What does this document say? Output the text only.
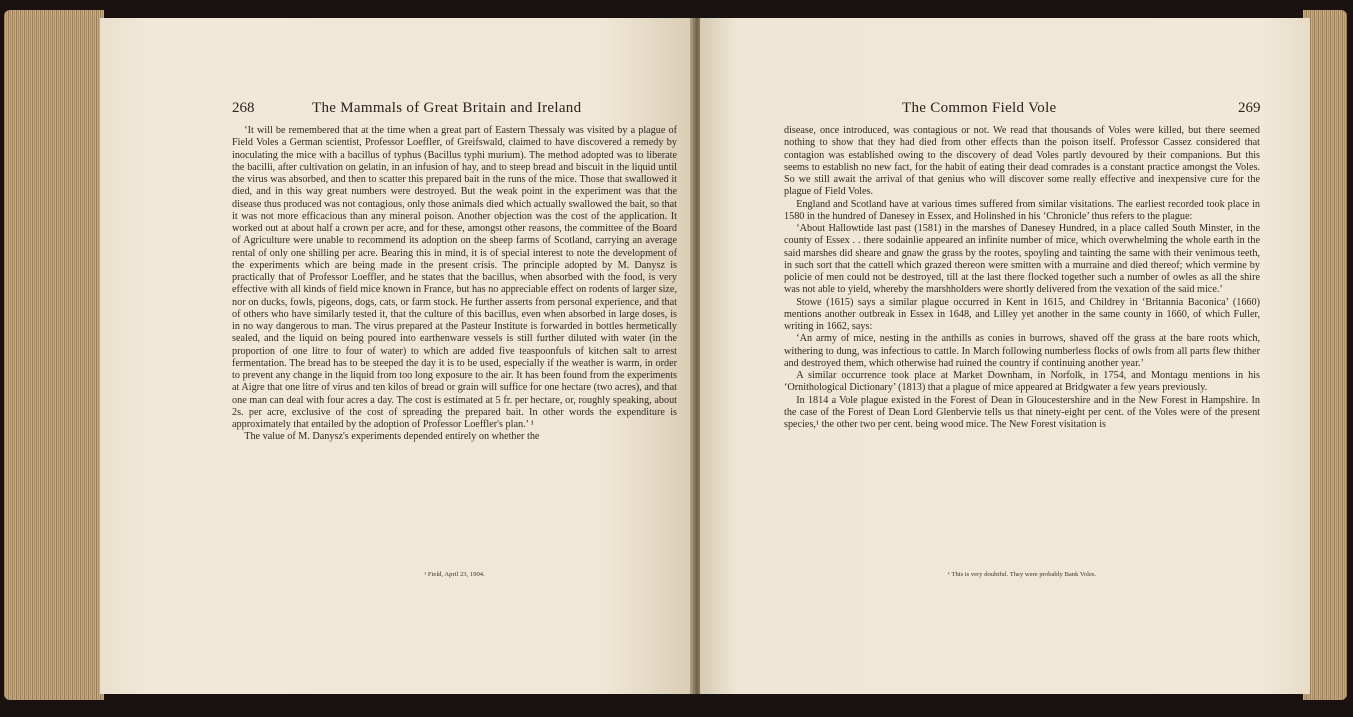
268	The Mammals of Great Britain and Ireland

‘It will be remembered that at the time when a great part of Eastern Thessaly was visited by a plague of Field Voles a German scientist, Professor Loeffler, of Greifswald, claimed to have discovered a remedy by inoculating the mice with a bacillus of typhus (Bacillus typhi murium). The method adopted was to liberate the bacilli, after cultivation on gelatin, in an infusion of hay, and to steep bread and biscuit in the liquid until the virus was absorbed, and then to scatter this prepared bait in the runs of the mice. Those that swallowed it died, and in this way great numbers were destroyed. But the weak point in the experiment was that the disease thus produced was not contagious, only those animals died which actually swallowed the bait, so that it was not more efficacious than any mineral poison. Another objection was the cost of the application. It worked out at about half a crown per acre, and for these, amongst other reasons, the committee of the Board of Agriculture were unable to recommend its adoption on the sheep farms of Scotland, carrying an average rental of only one shilling per acre. Bearing this in mind, it is of special interest to note the development of the experiments which are being made in the present crisis. The principle adopted by M. Danysz is practically that of Professor Loeffler, and he states that the bacillus, when absorbed with the food, is very effective with all kinds of field mice known in France, but has no appreciable effect on rodents of larger size, nor on ducks, fowls, pigeons, dogs, cats, or farm stock. He further asserts from personal experience, and that of others who have similarly tested it, that the culture of this bacillus, even when absorbed in large doses, is in no way dangerous to man. The virus prepared at the Pasteur Institute is forwarded in bottles hermetically sealed, and the liquid on being poured into earthenware vessels is still further diluted with water (in the proportion of one litre to four of water) to which are added five teaspoonfuls of kitchen salt to arrest fermentation. The bread has to be steeped the day it is to be used, especially if the weather is warm, in order to prevent any change in the liquid from too long exposure to the air. It has been found from the experiments at Aigre that one litre of virus and ten kilos of bread or grain will suffice for one hectare (two acres), and that one man can deal with four acres a day. The cost is estimated at 5 fr. per hectare, or, roughly speaking, about 2s. per acre, exclusive of the cost of spreading the prepared bait. In other words the expenditure is approximately that entailed by the adoption of Professor Loeffler's plan.’ ¹

The value of M. Danysz's experiments depended entirely on whether the

¹ Field, April 23, 1904.
The Common Field Vole	269

disease, once introduced, was contagious or not. We read that thousands of Voles were killed, but there seemed nothing to show that they had died from other effects than the poison itself. Professor Cassez considered that contagion was established owing to the discovery of dead Voles partly devoured by their companions. But this seems to establish no new fact, for the habit of eating their dead comrades is a constant practice amongst the Voles. So we still await the arrival of that genius who will discover some really effective and inexpensive cure for the plague of Field Voles.

England and Scotland have at various times suffered from similar visitations. The earliest recorded took place in 1580 in the hundred of Danesey in Essex, and Holinshed in his ‘Chronicle’ thus refers to the plague:

‘About Hallowtide last past (1581) in the marshes of Danesey Hundred, in a place called South Minster, in the county of Essex . . there sodainlie appeared an infinite number of mice, which overwhelming the whole earth in the said marshes did sheare and gnaw the grass by the rootes, spoyling and tainting the same with their venimous teeth, in such sort that the cattell which grazed thereon were smitten with a murraine and died thereof; which vermine by policie of men could not be destroyed, till at the last there flocked together such a number of owles as all the shire was not able to yield, whereby the marshholders were shortly delivered from the vexation of the said mice.’

Stowe (1615) says a similar plague occurred in Kent in 1615, and Childrey in ‘Britannia Baconica’ (1660) mentions another outbreak in Essex in 1648, and Lilley yet another in the same county in 1660, of which Fuller, writing in 1662, says:

‘An army of mice, nesting in the anthills as conies in burrows, shaved off the grass at the bare roots which, withering to dung, was infectious to cattle. In March following numberless flocks of owls from all parts flew thither and destroyed them, which otherwise had ruined the country if continuing another year.’

A similar occurrence took place at Market Downham, in Norfolk, in 1754, and Montagu mentions in his ‘Ornithological Dictionary’ (1813) that a plague of mice appeared at Bridgwater a few years previously.

In 1814 a Vole plague existed in the Forest of Dean in Gloucestershire and in the New Forest in Hampshire. In the case of the Forest of Dean Lord Glenbervie tells us that ninety-eight per cent. of the Voles were of the present species,¹ the other two per cent. being wood mice. The New Forest visitation is

¹ This is very doubtful. They were probably Bank Voles.
